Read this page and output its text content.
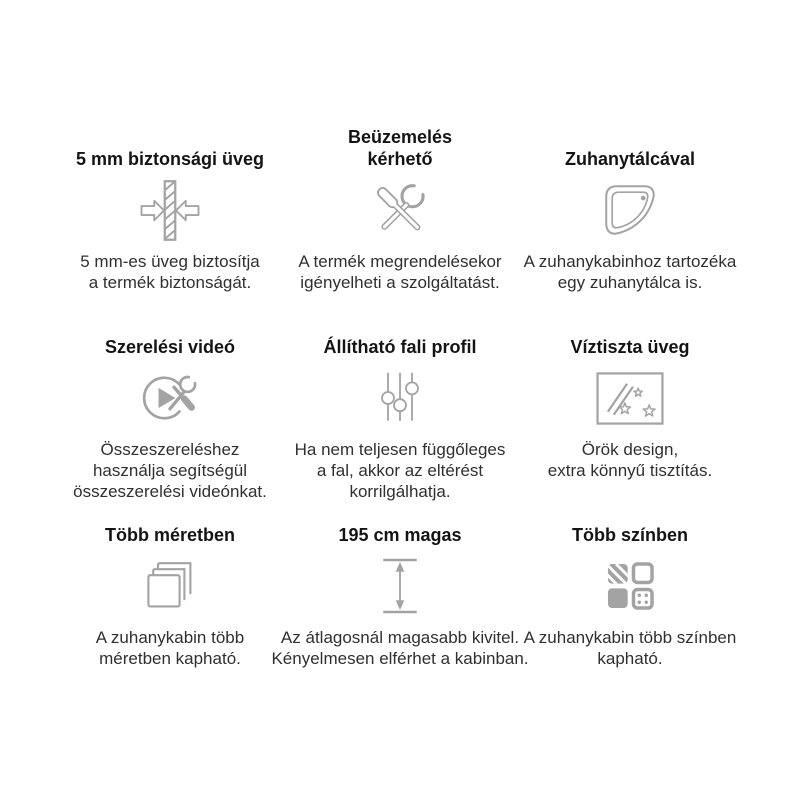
5 mm biztonsági üveg
5 mm-es üveg biztosítja
a termék biztonságát.
Beüzemelés
kérhető
A termék megrendelésekor
igényelheti a szolgáltatást.
Zuhanytálcával
A zuhanykabinhoz tartozéka
egy zuhanytálca is.
Szerelési videó
Összeszereléshez
használja segítségül
összeszerelési videónkat.
Állítható fali profil
Ha nem teljesen függőleges
a fal, akkor az eltérést
korrilgálhatja.
Víztiszta üveg
Örök design,
extra könnyű tisztítás.
Több méretben
A zuhanykabin több
méretben kapható.
195 cm magas
Az átlagosnál magasabb kivitel.
Kényelmesen elférhet a kabinban.
Több színben
A zuhanykabin több színben
kapható.
